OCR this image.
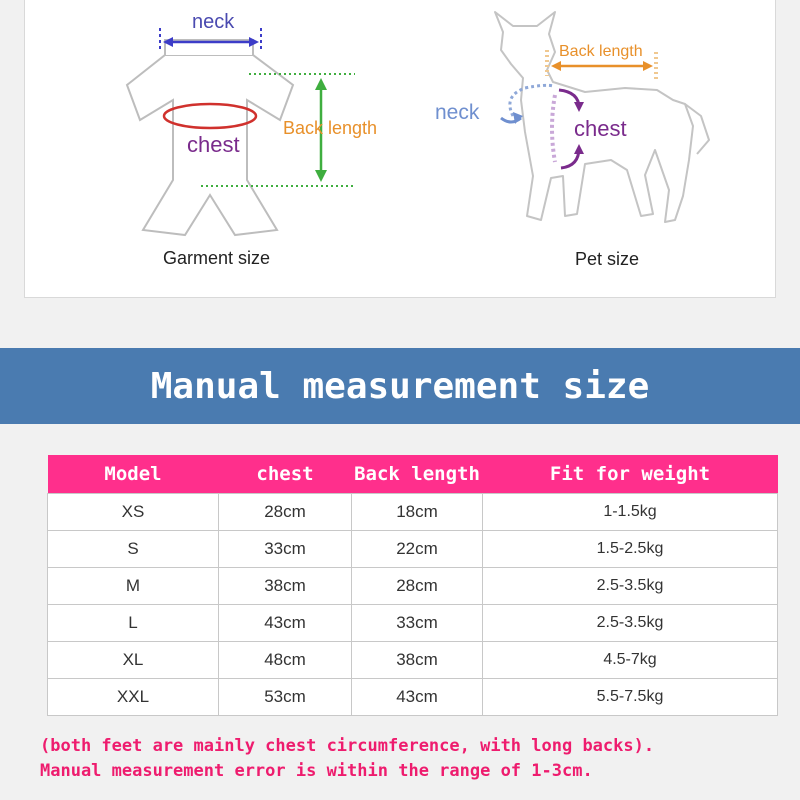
neck
chest
Back length
Back length
neck
chest
Garment size	Pet size
Manual measurement size
Model	chest	Back length	Fit for weight
XS	28cm	18cm	1-1.5kg
S	33cm	22cm	1.5-2.5kg
M	38cm	28cm	2.5-3.5kg
L	43cm	33cm	2.5-3.5kg
XL	48cm	38cm	4.5-7kg
XXL	53cm	43cm	5.5-7.5kg
(both feet are mainly chest circumference, with long backs).
Manual measurement error is within the range of 1-3cm.
